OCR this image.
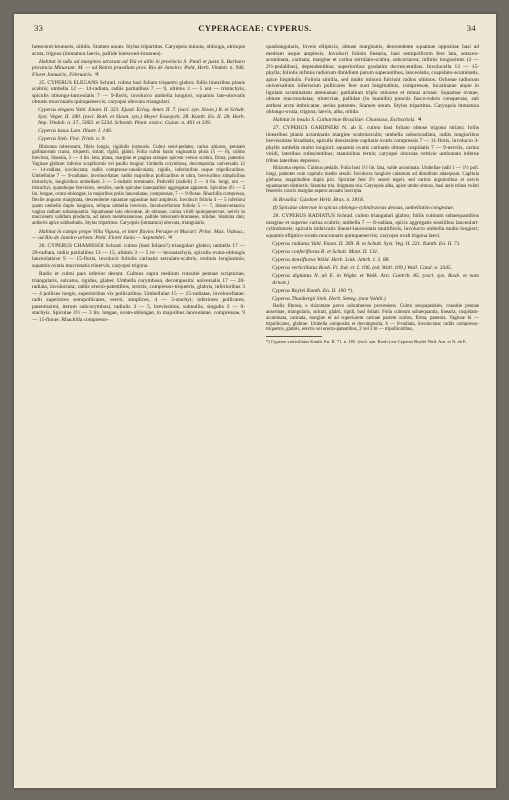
33	CYPERACEAE: CYPERUS.	34

lutescenti-brunneis, nitidis. Stamen unum. Stylus tripartitus. Caryopsis minuta, oblonga, utrinque acuta, trigona (immatura laevis, pallide lutescenti-brunnea).

Habitat in udis ad margines utrarum ad Ytú et alibi in provincia S. Pauli et juxta S. Barbara provincia Minarum: M. — ad Retiro praedium prov. Rio de Janeiro: Pohl, Herb. Vindob. n. 946. Floret Januario, Februario. ♃

25. CYPERUS ELEGANS Schrad. culmo basi foliato triquetro glabro; foliis linearibus planis scabris; umbella 12 — 14-radiata, radiis partialibus 7 — 9, ultimis 3 — 5 uni — tristachyis, spiculis oblongo-lanceolatis 7 — 9-floris, involucro umbella longiori, squamis late-obovatis obtusis mucronatis quinquenervis; caryopsi obovata triangulari.

Cyperus elegans Vahl. Enum. II. 323. Ejusd. Eclog. Amer. II. 7. (excl. syn. Sloan.) R. et Schult. Syst. Veget. II. 180. (excl. Roth. et Sloan. syn.) Meyer Esseqveb. 28. Kunth. En. II. 28. Herb. Imp. Vindob. n. 37., 5063. et 5234. Schomb. Plant. exsicc. Guian. n. 461 et 339.

Cyperus laxus Lam. Illustr. I. 146.

Cyperus Sieb. Flor. Trinit. n. 9.

Rhizoma tuberosum, fibris longis, rigidulis tortuosis. Culmi semi-pedales, rarius altiores, pennam gallinaceam crassi, triquetri, striati, rigidi, glabri. Folia culmi basin vaginantia plura (5 — 6), culmo breviora, linearia, 2 — 4 lin. lata, plana, margine et pagina utraque apicem versus scabra, firma, patentia. Vaginae glabrae: inferior scapiformis vel paullo longior. Umbella corymbosa, decomposita: universalis 12 — 14-radiata, involucrata; radiis compresso-canaliculatis, rigidis, inferioribus usque tripollicaribus. Umbellulae 7 — 9-radiatae, involucellatae; radiis majoribus pollicaribus et ultra, brevioribus simplicibus tristachyis, longioribus umbellatis 3 — 5-radiatis terminatis. Pedicelli (radioli) 3 — 4 lin. longi, uni — tristachyi, quandoque breviores, sessiles, unde spiculae inaequaliter aggregatae apparent. Spiculae 4½ — 5 lin. longae, ovato-oblongae, in majoribus polio lanceolatae, compressae, 7 — 9-florae. Rhachilla compressa, flexile angusto marginata, descendente squamae oppositae basi amplexis. Involucri foliola 4 — 5 inferiora quam umbella duplo longiora, reliqua umbella breviora. Involucellorum foliola 5 — 7, lineari-setacea; vagina radium subaequantia. Squamaeae lato obovatae, ab obtusae, carina viridi quinquenervae, nervis in mucronem validum producta, ad latera membranaceae, pallide lutescenti-brunneae, nitidae. Stamina duo; antheris apice subbarbatis. Stylus tripartitus. Caryopsis (immatura) obovata, triangularis.

Habitat in campo prope Villa Vigosa, et inter fluvios Peruipe et Mucuri: Princ. Max. Vidoua.; — ad Rio de Janeiro urbem: Pohl. Floret Junio — Septembri. ♃

26. CYPERUS CHAMISSOI Schrad. culmo (basi foliato?) triangulari glabro; umbella 17 — 20-radiata, radiis partialibus 13 — 15, ultimis 3 — 5 tri — hexastachyis, spiculis ovato-oblongis lanceolatisve 9 — 15-floris, involucri foliolis carinatis serrulato-scabris, extimis longissimis, squamis ovatis mucronatis trinervis; caryopsi trigona.

Radix et culmi pars inferior desunt. Culmus supra medium crassitie pennae scriptoriae, triangularis, sulcatus, rigidus, glaber. Umbella corymbosa, decomposita: universalis 17 — 20-radiata, involucrata; radiis erecto-patentibus, strictis, compresso-triquetris, glabris, inferioribus 3 — 4 pollices longis, superioribus vix pollicaribus. Umbellulae 15 — 15-radiatae, involucellatae: radii superiores semipollicares, erecti, simplices, 4 — 5-stachyi; inferiores pollicares, patentissimi, iterum subcorymbosi, radiolis 3 — 5, brevissimis, subnullis, singulis 3 — 6-stachyis. Spiculae 2½ — 3 lin. longae, ovato-oblongae, in majoribus lanceolatae, compressae, 9 — 15-florae. Rhachilla compresso-

quadrangularis, foveis ellipticis, obtuse marginatis, descendente squamae oppositae basi ad medium usque amplexis. Involucri foliola linearia, basi semipollicem fere lata, setaceo-acuminata, carinata, margine et carina serrulato-scabra, subcoriacea; infimis longissimis (2 — 2½-pedalibus), dependentibus; superioribus gradatim decrescentibus. Involucella 13 — 15-phylla; foliolis infimis radiorum dimidium parum superantibus, lanceolatis, cuspidato-acuminatis, apice hispidulis. Foliola similia, sed multo minora fulciunt radios ultimos. Ochreae radiorum universalium inferiorum pollicares fere sunt longitudinis, compressae, bicarinatae atque in ligulam acuminatam attenuatae; partialium triplo minores et minus acutae. Squamae ovatae, obtuse mucronulatae, trinerviae, pallidae (in humidis) punctis fusco-rubris conspersae, sub anthesi arcte imbricatae, serius patentes. Stamen unum. Stylus tripartitus. Caryopsis immatura oblongo-ovata, trigona, laevis, alba, nitida.

Habitat in insula S. Catharinae Brasiliae: Chamisso, Eschscholz. ♃

27. CYPERUS GARDNERI N. ab E. culmo basi foliato obtuse trigono striato; foliis linearibus planis acuminatis margine scabriusculis; umbella subsexradiata, radiis longioribus brevissimae biradiatis, spiculis densissime capitatis ovatis compressis 7 — 11-floris, involucro 3-phyllo umbella multo longiori; squamis ovatis carinatis obtuse cuspidatis 7 — 9-nerviis, carina viridi, lateribus rufescentibus; staminibus ternis; caryopsi obovata verticie umbonata inferne tribus lateribus depresso.

Rhizoma repens. Culmus pedalis. Folia basi 1½ lin. lata, valde acuminata. Umbellae radii 1 — 1½ poll. longi, patentes cum capitulo medio sessili. Involucra longiore calamum ad dimidium adaequant. Capitula globosa, magnitudine dupla pisi. Spiculae fere 2½ sexeri regeri, sed carinis argutioribus et nervis squamarum distinctis. Stamina tria. Stigmata tria. Caryopsis alba, apice umbo obtuso, basi areis tribus voluti fenestris concis margine aspero arcuato inscripta.

In Brasilia: Gardner Herb. Bras. n. 1818.

β) Spiculae alternae in spicas oblongo-cylindraceas densas, umbellatim congestae.

28. CYPERUS RADIATUS Schrad. culmo triangulari glabro; foliis culmum subaequantibus margine et superne carina scabris; umbella 7 — 8-radiata, spicis aggregatis sessilibus lanceolari-cylindraceis; spiculis imbricatis lineari-lanceolatis multifloris, involucro umbella multo longiori; squamis elliptico-ovatis mucronatis quinquenerviis; caryopsi ovali trigona laevi.

Cyperus radiatus Vahl. Enum. II. 369. R. et Schult. Syst. Veg. II. 221. Kunth. En. II. 71.

Cyperus conferiflorus R. et Schult. Mant. II. 131.

Cyperus densiflorus Willd. Herb. Link. Jahrb. I. 3. 88.

Cyperus verticillatus Roxb. Fl. Ind. er. I. 106. (ed. Wall. 109.) Wall. Catal. n. 3345.

Cyperus digitatus N. ab E. in Wight. et Walk. Arn. Contrib. 85. (excl. syn. Roxb. et nota Arnott.)

Cyperus Roylei Kunth. En. II. 100 *).

Cyperus Thunbergii Sieb. Herb. Seneg. (non Vahlii.)

Radix fibrosa, e rhizomate parvo subcaberoso proveniens. Culmi sesquipedales, crassitie pennae anserinae, triangularis, sulcati, glabri, rigidi, basi foliati. Folia culmum subaequantia, linearia, cuspidato-acuminata, carinata, margine et ad superiorem carinae partem scabra, firma, patentia. Vaginae bi — tripollicares, glabrae. Umbella composita et decomposita, 6 — 8-radiata, involucrata; radiis compresso-triquetris, glabris, erectis vel erecto-patentibus, 2 vel 3 bi — tripollicaribus,

*) Cyperus verticillatus Kunth. En. II. 71. n. 185. (excl. syn. Roxb.) est Cyperus Roylei Wall. Arn. et N. ab E.
